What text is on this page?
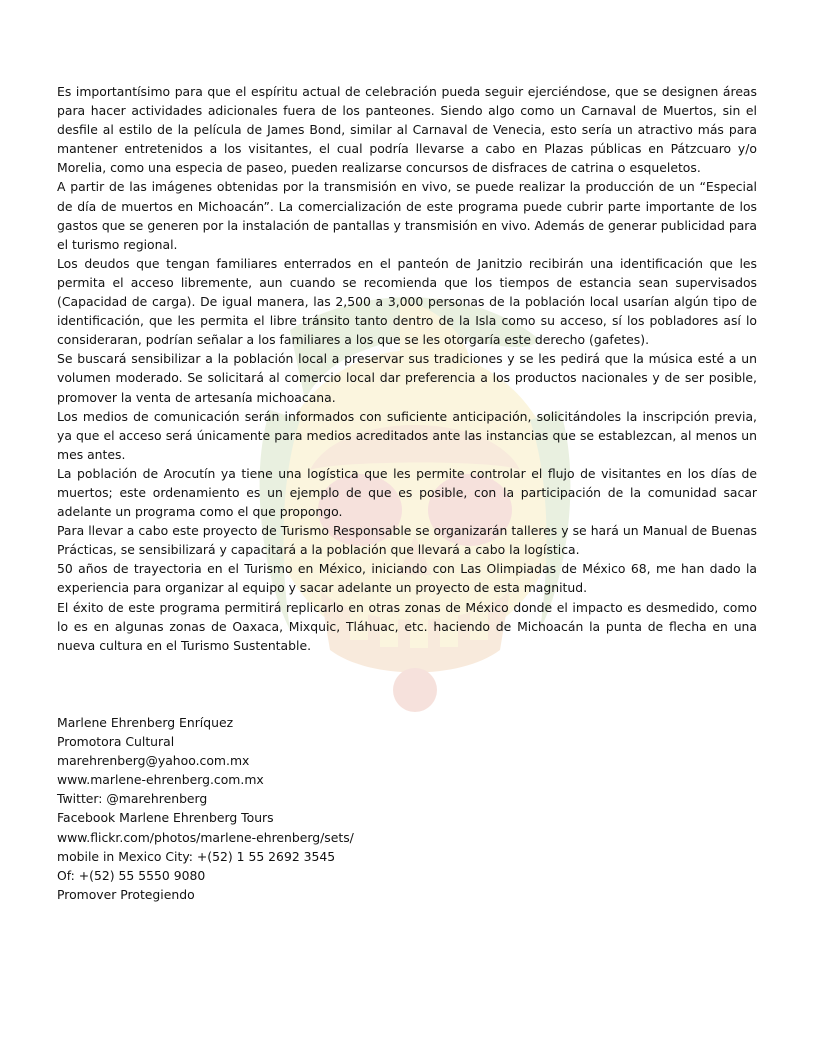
Es importantísimo para que el espíritu actual de celebración pueda seguir ejerciéndose, que se designen áreas para hacer actividades adicionales fuera de los panteones. Siendo algo como un Carnaval de Muertos, sin el desfile al estilo de la película de James Bond, similar al Carnaval de Venecia, esto sería un atractivo más para mantener entretenidos a los visitantes, el cual podría llevarse a cabo en Plazas públicas en Pátzcuaro y/o Morelia, como una especia de paseo, pueden realizarse concursos de disfraces de catrina o esqueletos.

A partir de las imágenes obtenidas por la transmisión en vivo, se puede realizar la producción de un “Especial de día de muertos en Michoacán”. La comercialización de este programa puede cubrir parte importante de los gastos que se generen por la instalación de pantallas y transmisión en vivo. Además de generar publicidad para el turismo regional.

Los deudos que tengan familiares enterrados en el panteón de Janitzio recibirán una identificación que les permita el acceso libremente, aun cuando se recomienda que los tiempos de estancia sean supervisados (Capacidad de carga). De igual manera, las 2,500 a 3,000 personas de la población local usarían algún tipo de identificación, que les permita el libre tránsito tanto dentro de la Isla como su acceso, sí los pobladores así lo consideraran, podrían señalar a los familiares a los que se les otorgaría este derecho (gafetes).

Se buscará sensibilizar a la población local a preservar sus tradiciones y se les pedirá que la música esté a un volumen moderado. Se solicitará al comercio local dar preferencia a los productos nacionales y de ser posible, promover la venta de artesanía michoacana.

Los medios de comunicación serán informados con suficiente anticipación, solicitándoles la inscripción previa, ya que el acceso será únicamente para medios acreditados ante las instancias que se establezcan, al menos un mes antes.

La población de Arocutín ya tiene una logística que les permite controlar el flujo de visitantes en los días de muertos; este ordenamiento es un ejemplo de que es posible, con la participación de la comunidad sacar adelante un programa como el que propongo.

Para llevar a cabo este proyecto de Turismo Responsable se organizarán talleres y se hará un Manual de Buenas Prácticas, se sensibilizará y capacitará a la población que llevará a cabo la logística.

50 años de trayectoria en el Turismo en México, iniciando con Las Olimpiadas de México 68, me han dado la experiencia para organizar al equipo y sacar adelante un proyecto de esta magnitud.

El éxito de este programa permitirá replicarlo en otras zonas de México donde el impacto es desmedido, como lo es en algunas zonas de Oaxaca, Mixquic, Tláhuac, etc. haciendo de Michoacán la punta de flecha en una nueva cultura en el Turismo Sustentable.

Marlene Ehrenberg Enríquez
Promotora Cultural
marehrenberg@yahoo.com.mx
www.marlene-ehrenberg.com.mx
Twitter: @marehrenberg
Facebook Marlene Ehrenberg Tours
www.flickr.com/photos/marlene-ehrenberg/sets/
mobile in Mexico City: +(52) 1 55 2692 3545
Of: +(52) 55 5550 9080
Promover Protegiendo
